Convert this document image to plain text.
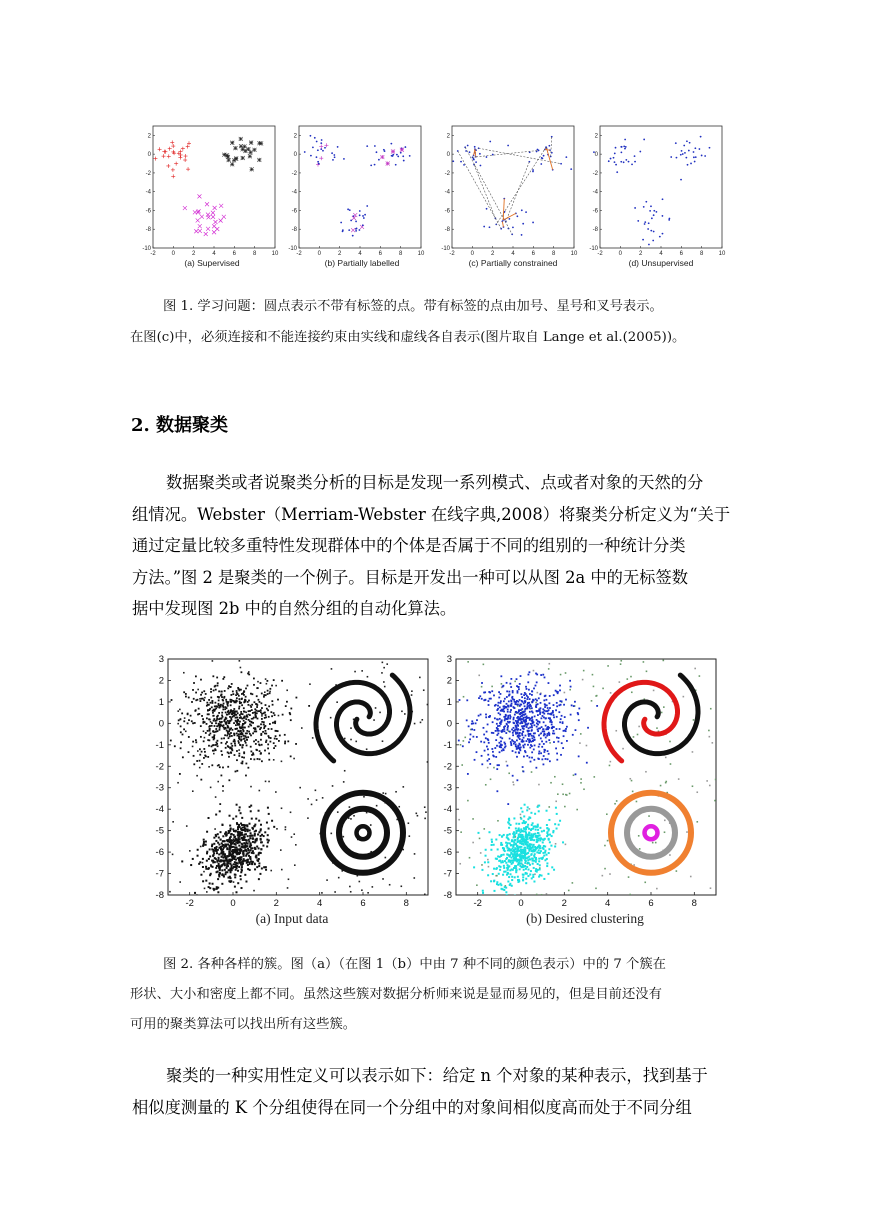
-2	0	2	4	6	8	10
2
0
-2
-4
-6
-8
-10
-2	0	2	4	6	8	10
2
0
-2
-4
-6
-8
-10
-2	0	2	4	6	8	10
2
0
-2
-4
-6
-8
-10
-2	0	2	4	6	8	10
2
0
-2
-4
-6
-8
-10
(a) Supervised	(b) Partially labelled	(c) Partially constrained	(d) Unsupervised
图 1. 学习问题：圆点表示不带有标签的点。带有标签的点由加号、星号和叉号表示。
在图(c)中，必须连接和不能连接约束由实线和虚线各自表示(图片取自 Lange et al.(2005))。
2. 数据聚类
数据聚类或者说聚类分析的目标是发现一系列模式、点或者对象的天然的分
组情况。Webster（Merriam-Webster 在线字典,2008）将聚类分析定义为“关于
通过定量比较多重特性发现群体中的个体是否属于不同的组别的一种统计分类
方法。”图 2 是聚类的一个例子。目标是开发出一种可以从图 2a 中的无标签数
据中发现图 2b 中的自然分组的自动化算法。
-2	0	2	4	6	8
3
2
1
0
-1
-2
-3
-4
-5
-6
-7
-8
-2	0	2	4	6	8
3
2
1
0
-1
-2
-3
-4
-5
-6
-7
-8
(a) Input data	(b) Desired clustering
图 2. 各种各样的簇。图（a）（在图 1（b）中由 7 种不同的颜色表示）中的 7 个簇在
形状、大小和密度上都不同。虽然这些簇对数据分析师来说是显而易见的，但是目前还没有
可用的聚类算法可以找出所有这些簇。
聚类的一种实用性定义可以表示如下：给定 n 个对象的某种表示，找到基于
相似度测量的 K 个分组使得在同一个分组中的对象间相似度高而处于不同分组
